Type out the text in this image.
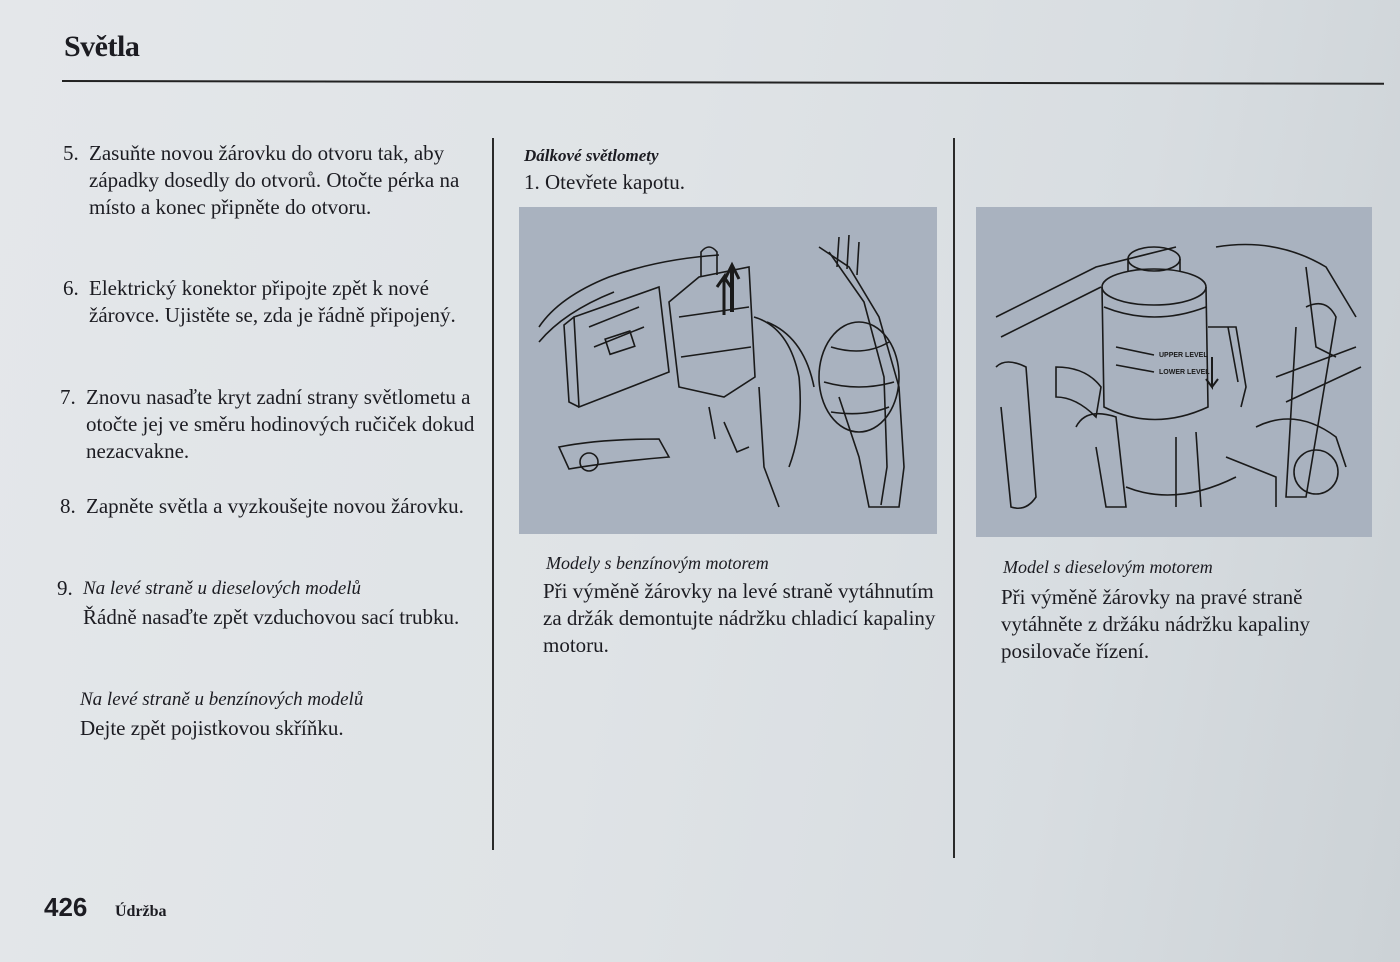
Světla
5. Zasuňte novou žárovku do otvoru tak, aby západky dosedly do otvorů. Otočte pérka na místo a konec připněte do otvoru.
6. Elektrický konektor připojte zpět k nové žárovce. Ujistěte se, zda je řádně připojený.
7. Znovu nasaďte kryt zadní strany světlometu a otočte jej ve směru hodinových ručiček dokud nezacvakne.
8. Zapněte světla a vyzkoušejte novou žárovku.
9. Na levé straně u dieselových modelů
Řádně nasaďte zpět vzduchovou sací trubku.
Na levé straně u benzínových modelů
Dejte zpět pojistkovou skříňku.
Dálkové světlomety
1. Otevřete kapotu.
Modely s benzínovým motorem
Při výměně žárovky na levé straně vytáhnutím za držák demontujte nádržku chladicí kapaliny motoru.
UPPER LEVEL
LOWER LEVEL
Model s dieselovým motorem
Při výměně žárovky na pravé straně vytáhněte z držáku nádržku kapaliny posilovače řízení.
426 Údržba
